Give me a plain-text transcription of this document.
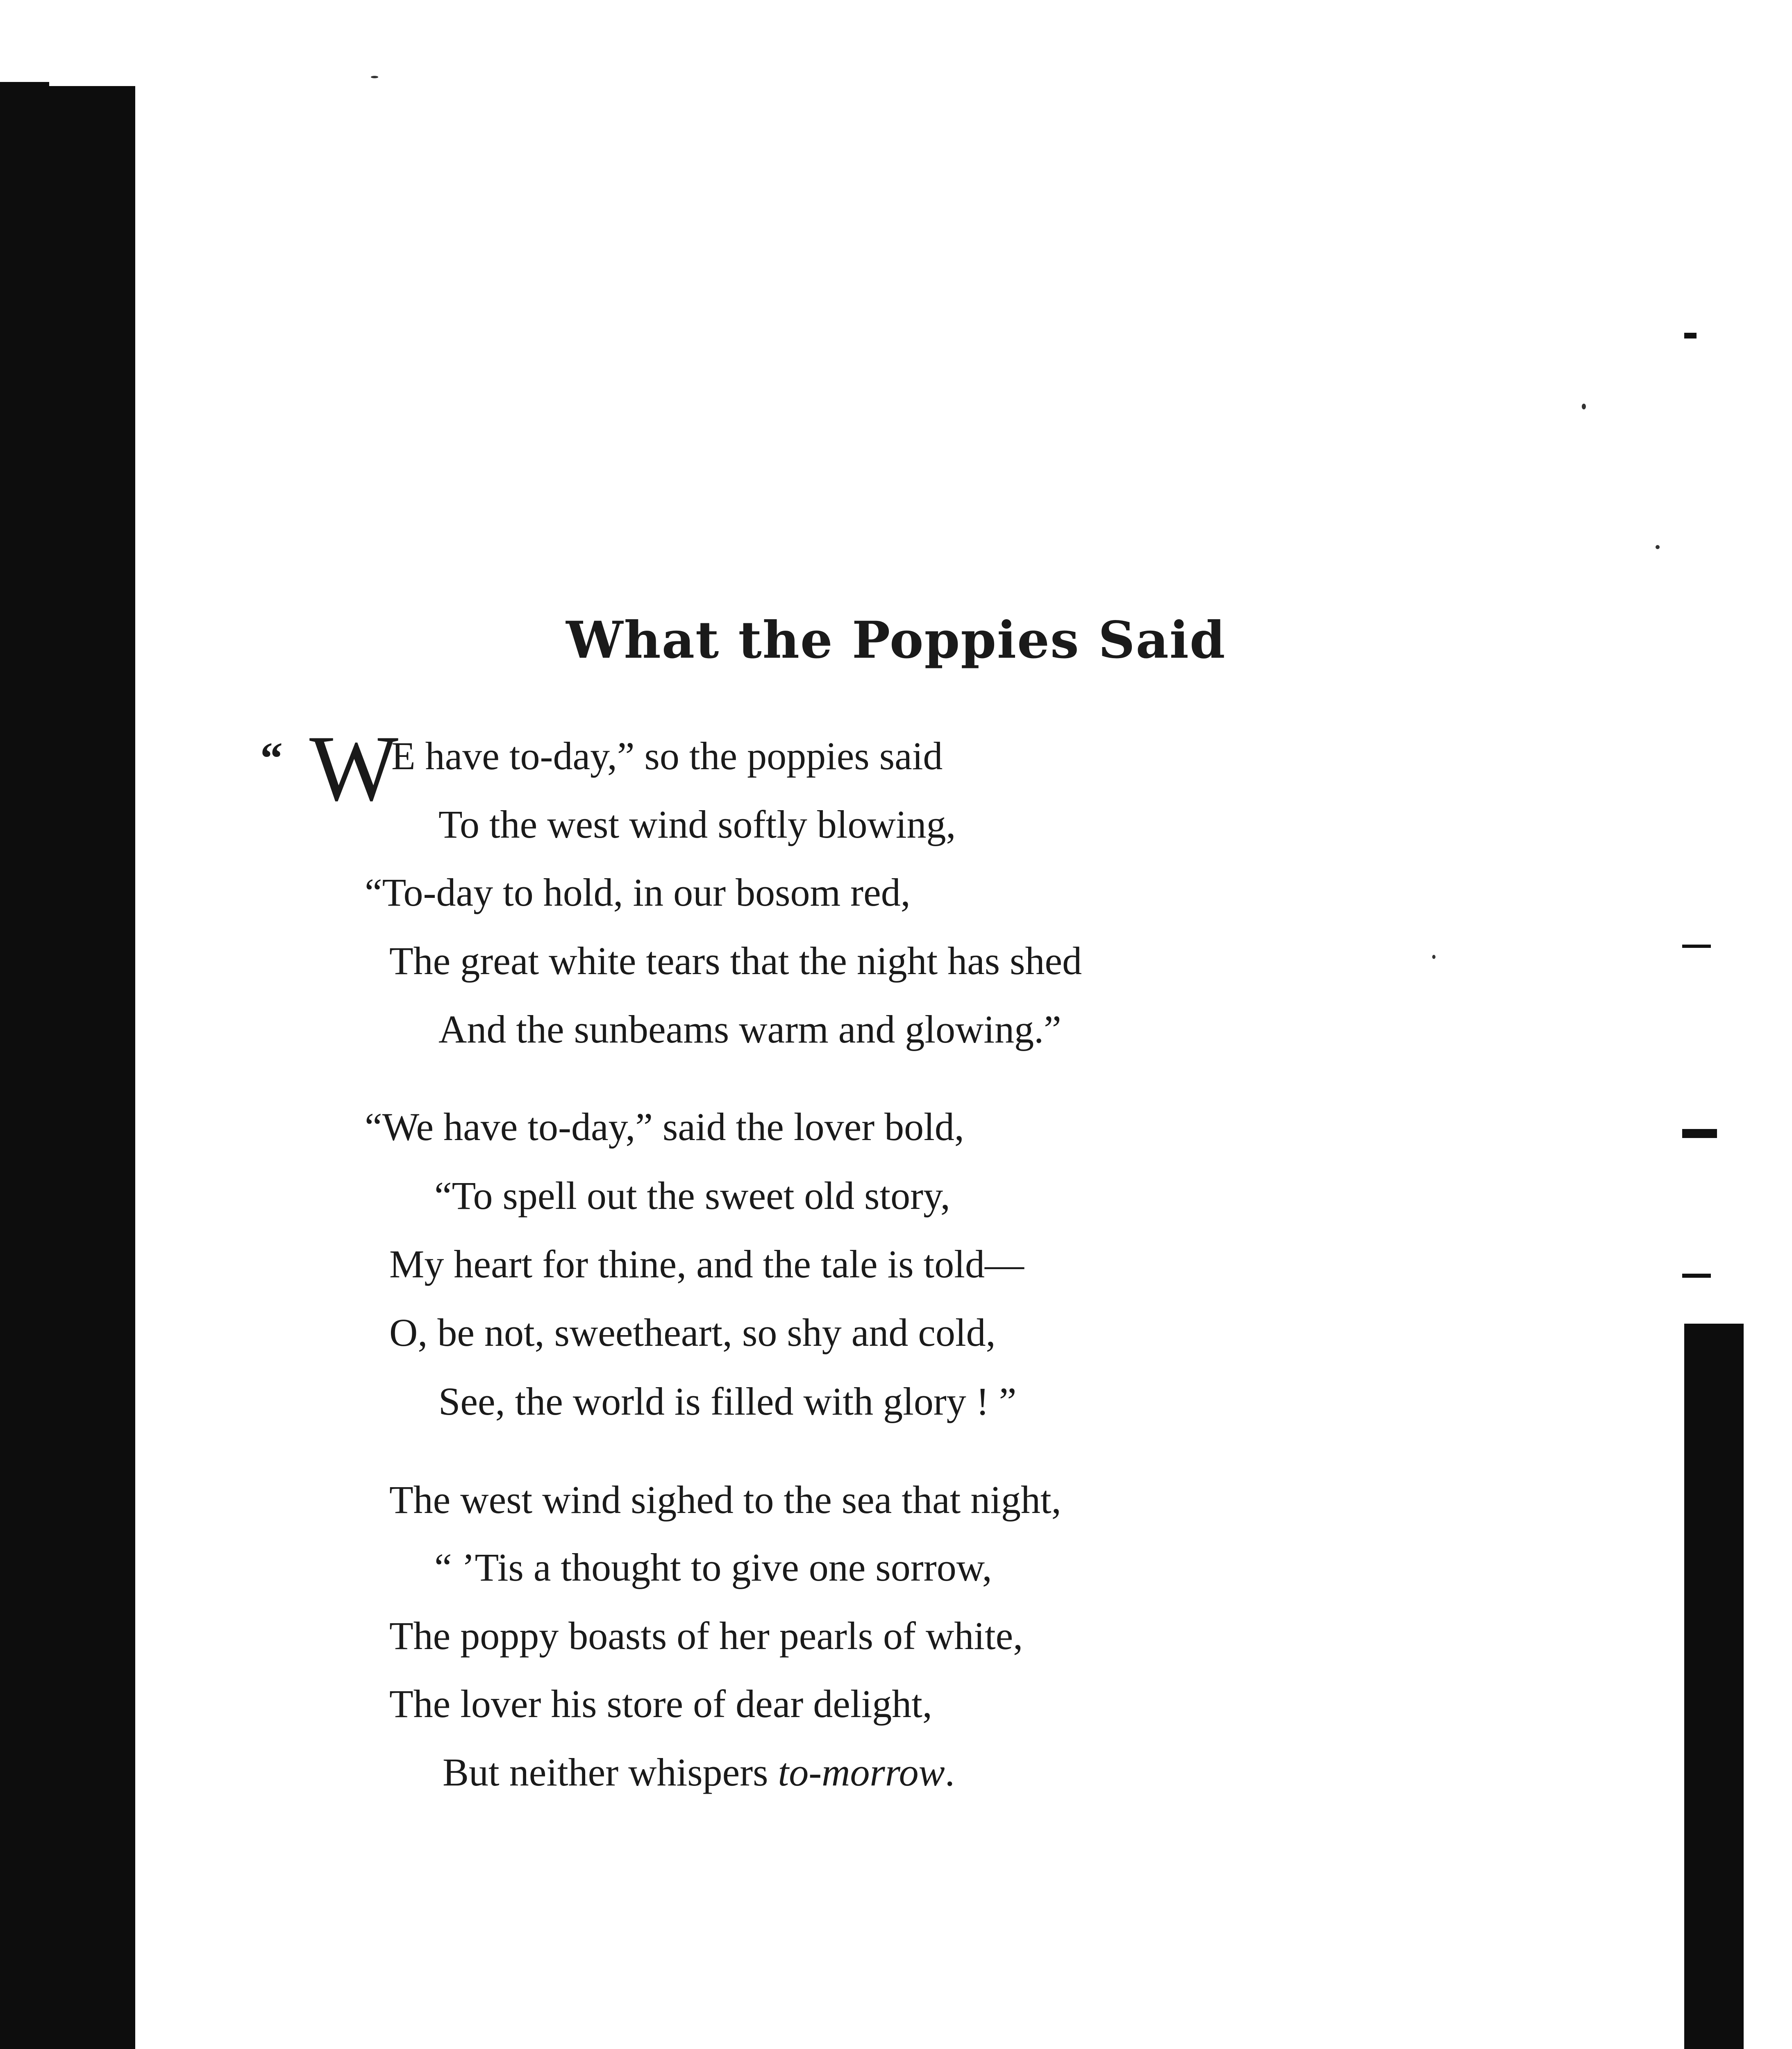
What the Poppies Said
“ W
E have to-day,” so the poppies said
To the west wind softly blowing,
“To-day to hold, in our bosom red,
The great white tears that the night has shed
And the sunbeams warm and glowing.”
“We have to-day,” said the lover bold,
“To spell out the sweet old story,
My heart for thine, and the tale is told—
O, be not, sweetheart, so shy and cold,
See, the world is filled with glory ! ”
The west wind sighed to the sea that night,
“ ’Tis a thought to give one sorrow,
The poppy boasts of her pearls of white,
The lover his store of dear delight,
But neither whispers to-morrow.
